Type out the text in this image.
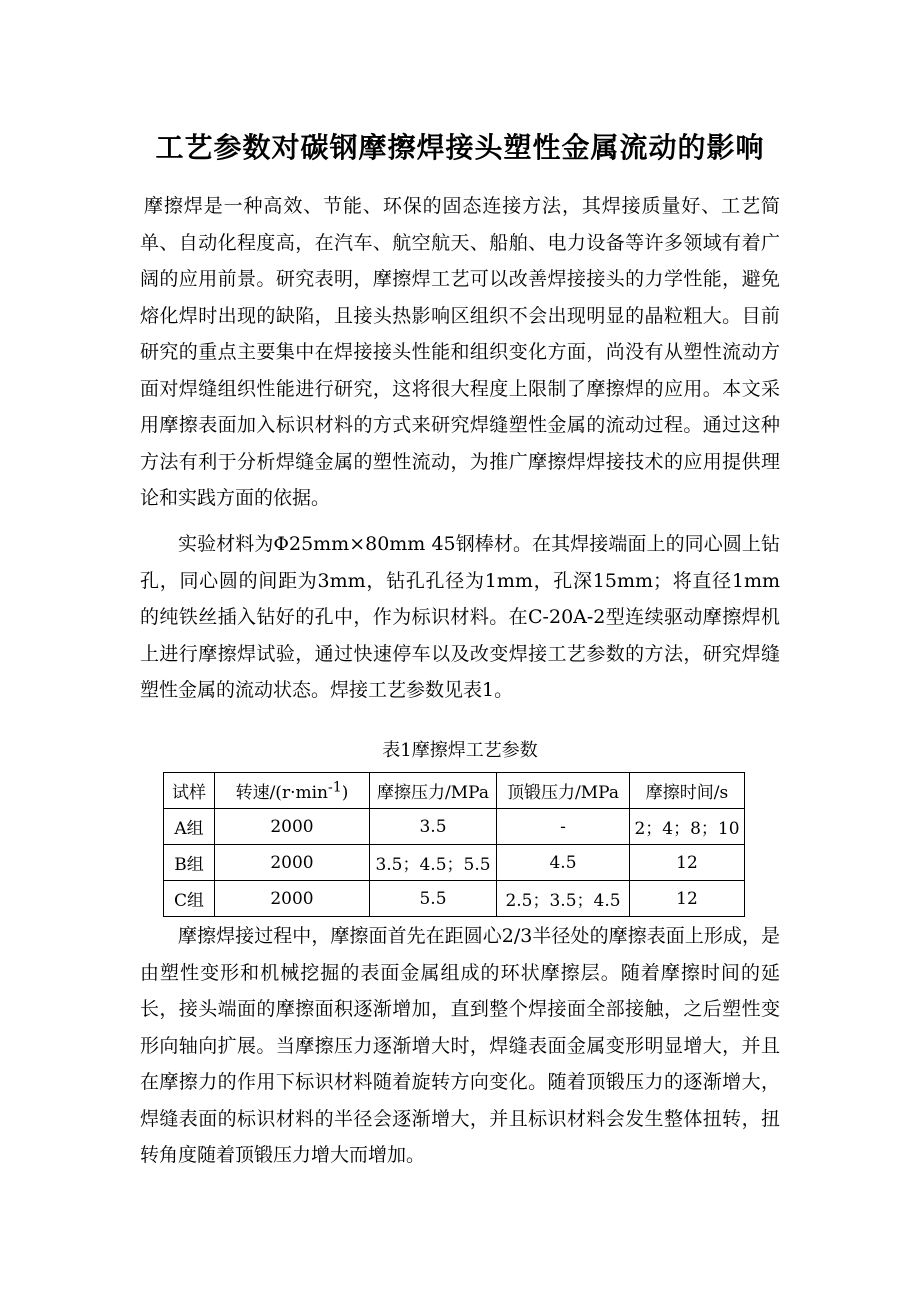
工艺参数对碳钢摩擦焊接头塑性金属流动的影响

摩擦焊是一种高效、节能、环保的固态连接方法，其焊接质量好、工艺简单、自动化程度高，在汽车、航空航天、船舶、电力设备等许多领域有着广阔的应用前景。研究表明，摩擦焊工艺可以改善焊接接头的力学性能，避免熔化焊时出现的缺陷，且接头热影响区组织不会出现明显的晶粒粗大。目前研究的重点主要集中在焊接接头性能和组织变化方面，尚没有从塑性流动方面对焊缝组织性能进行研究，这将很大程度上限制了摩擦焊的应用。本文采用摩擦表面加入标识材料的方式来研究焊缝塑性金属的流动过程。通过这种方法有利于分析焊缝金属的塑性流动，为推广摩擦焊焊接技术的应用提供理论和实践方面的依据。

实验材料为Φ25mm×80mm 45钢棒材。在其焊接端面上的同心圆上钻孔，同心圆的间距为3mm，钻孔孔径为1mm，孔深15mm；将直径1mm的纯铁丝插入钻好的孔中，作为标识材料。在C-20A-2型连续驱动摩擦焊机上进行摩擦焊试验，通过快速停车以及改变焊接工艺参数的方法，研究焊缝塑性金属的流动状态。焊接工艺参数见表1。

表1摩擦焊工艺参数

试样	转速$/(r\cdot\min^{-1})$	摩擦压力/MPa	顶锻压力/MPa	摩擦时间/s
A组	2000	3.5	-	2；4；8；10
B组	2000	3.5；4.5；5.5	4.5	12
C组	2000	5.5	2.5；3.5；4.5	12

摩擦焊接过程中，摩擦面首先在距圆心2/3半径处的摩擦表面上形成，是由塑性变形和机械挖掘的表面金属组成的环状摩擦层。随着摩擦时间的延长，接头端面的摩擦面积逐渐增加，直到整个焊接面全部接触，之后塑性变形向轴向扩展。当摩擦压力逐渐增大时，焊缝表面金属变形明显增大，并且在摩擦力的作用下标识材料随着旋转方向变化。随着顶锻压力的逐渐增大，焊缝表面的标识材料的半径会逐渐增大，并且标识材料会发生整体扭转，扭转角度随着顶锻压力增大而增加。
